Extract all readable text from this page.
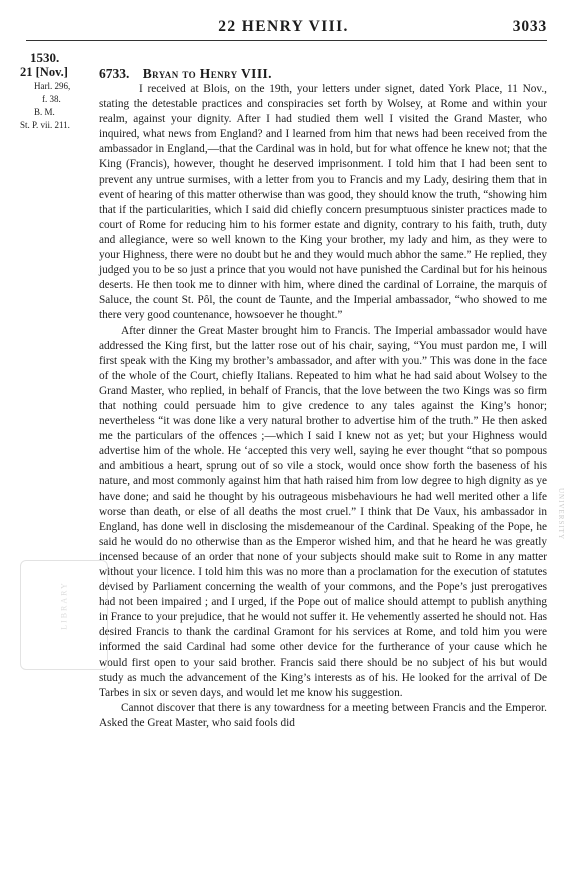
22 HENRY VIII.	3033
1530.
21 [Nov.]
Harl. 296,
f. 38.
B. M.
St. P. vii. 211.
6733. Bryan to Henry VIII.

I received at Blois, on the 19th, your letters under signet, dated York Place, 11 Nov., stating the detestable practices and conspiracies set forth by Wolsey, at Rome and within your realm, against your dignity. After I had studied them well I visited the Grand Master, who inquired, what news from England? and I learned from him that news had been received from the ambassador in England,—that the Cardinal was in hold, but for what offence he knew not; that the King (Francis), however, thought he deserved imprisonment. I told him that I had been sent to prevent any untrue surmises, with a letter from you to Francis and my Lady, desiring them that in event of hearing of this matter otherwise than was good, they should know the truth, “showing him that if the particularities, which I said did chiefly concern presumptuous sinister practices made to court of Rome for reducing him to his former estate and dignity, contrary to his faith, truth, duty and allegiance, were so well known to the King your brother, my lady and him, as they were to your Highness, there were no doubt but he and they would much abhor the same.” He replied, they judged you to be so just a prince that you would not have punished the Cardinal but for his heinous deserts. He then took me to dinner with him, where dined the cardinal of Lorraine, the marquis of Saluce, the count St. Pôl, the count de Taunte, and the Imperial ambassador, “who showed to me there very good countenance, howsoever he thought.”

After dinner the Great Master brought him to Francis. The Imperial ambassador would have addressed the King first, but the latter rose out of his chair, saying, “You must pardon me, I will first speak with the King my brother’s ambassador, and after with you.” This was done in the face of the whole of the Court, chiefly Italians. Repeated to him what he had said about Wolsey to the Grand Master, who replied, in behalf of Francis, that the love between the two Kings was so firm that nothing could persuade him to give credence to any tales against the King’s honor; nevertheless “it was done like a very natural brother to advertise him of the truth.” He then asked me the particulars of the offences ;—which I said I knew not as yet; but your Highness would advertise him of the whole. He ‘accepted this very well, saying he ever thought “that so pompous and ambitious a heart, sprung out of so vile a stock, would once show forth the baseness of his nature, and most commonly against him that hath raised him from low degree to high dignity as ye have done; and said he thought by his outrageous misbehaviours he had well merited other a life worse than death, or else of all deaths the most cruel.” I think that De Vaux, his ambassador in England, has done well in disclosing the misdemeanour of the Cardinal. Speaking of the Pope, he said he would do no otherwise than as the Emperor wished him, and that he heard he was greatly incensed because of an order that none of your subjects should make suit to Rome in any matter without your licence. I told him this was no more than a proclamation for the execution of statutes devised by Parliament concerning the wealth of your commons, and the Pope’s just prerogatives had not been impaired ; and I urged, if the Pope out of malice should attempt to publish anything in France to your prejudice, that he would not suffer it. He vehemently asserted he should not. Has desired Francis to thank the cardinal Gramont for his services at Rome, and told him you were informed the said Cardinal had some other device for the furtherance of your cause which he would first open to your said brother. Francis said there should be no subject of his but would study as much the advancement of the King’s interests as of his. He looked for the arrival of De Tarbes in six or seven days, and would let me know his suggestion.

Cannot discover that there is any towardness for a meeting between Francis and the Emperor. Asked the Great Master, who said fools did

LIBRARY
UNIVERSITY
